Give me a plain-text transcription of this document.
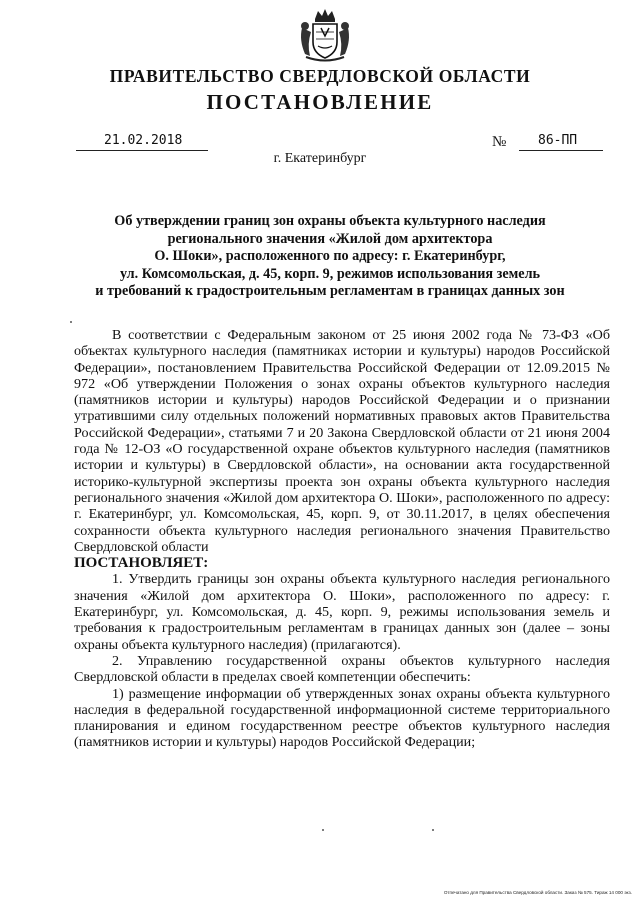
ПРАВИТЕЛЬСТВО СВЕРДЛОВСКОЙ ОБЛАСТИ
ПОСТАНОВЛЕНИЕ
21.02.2018	№ 86-ПП
г. Екатеринбург
Об утверждении границ зон охраны объекта культурного наследия
регионального значения «Жилой дом архитектора
О. Шоки», расположенного по адресу: г. Екатеринбург,
ул. Комсомольская, д. 45, корп. 9, режимов использования земель
и требований к градостроительным регламентам в границах данных зон

В соответствии с Федеральным законом от 25 июня 2002 года № 73-ФЗ «Об объектах культурного наследия (памятниках истории и культуры) народов Российской Федерации», постановлением Правительства Российской Федерации от 12.09.2015 № 972 «Об утверждении Положения о зонах охраны объектов культурного наследия (памятников истории и культуры) народов Российской Федерации и о признании утратившими силу отдельных положений нормативных правовых актов Правительства Российской Федерации», статьями 7 и 20 Закона Свердловской области от 21 июня 2004 года № 12-ОЗ «О государственной охране объектов культурного наследия (памятников истории и культуры) в Свердловской области», на основании акта государственной историко-культурной экспертизы проекта зон охраны объекта культурного наследия регионального значения «Жилой дом архитектора О. Шоки», расположенного по адресу: г. Екатеринбург, ул. Комсомольская, 45, корп. 9, от 30.11.2017, в целях обеспечения сохранности объекта культурного наследия регионального значения Правительство Свердловской области

ПОСТАНОВЛЯЕТ:

1. Утвердить границы зон охраны объекта культурного наследия регионального значения «Жилой дом архитектора О. Шоки», расположенного по адресу: г. Екатеринбург, ул. Комсомольская, д. 45, корп. 9, режимы использования земель и требования к градостроительным регламентам в границах данных зон (далее – зоны охраны объекта культурного наследия) (прилагаются).

2. Управлению государственной охраны объектов культурного наследия Свердловской области в пределах своей компетенции обеспечить:

1) размещение информации об утвержденных зонах охраны объекта культурного наследия в федеральной государственной информационной системе территориального планирования и едином государственном реестре объектов культурного наследия (памятников истории и культуры) народов Российской Федерации;

Отпечатано для Правительства Свердловской области. Заказ № 575. Тираж 14 000 экз.
